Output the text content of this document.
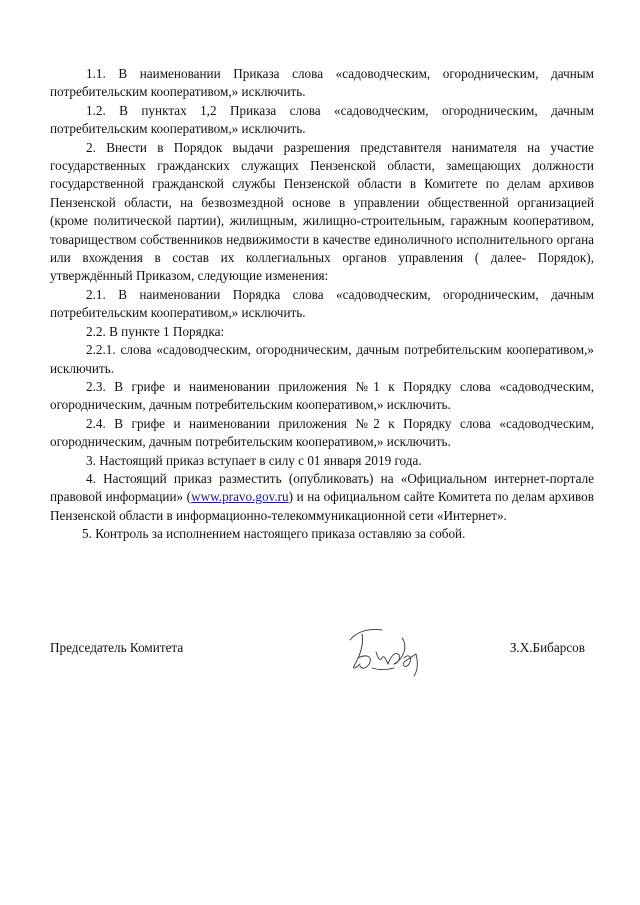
1.1. В наименовании Приказа слова «садоводческим, огородническим, дачным потребительским кооперативом,» исключить.

1.2. В пунктах 1,2 Приказа слова «садоводческим, огородническим, дачным потребительским кооперативом,» исключить.

2. Внести в Порядок выдачи разрешения представителя нанимателя на участие государственных гражданских служащих Пензенской области, замещающих должности государственной гражданской службы Пензенской области в Комитете по делам архивов Пензенской области, на безвозмездной основе в управлении общественной организацией (кроме политической партии), жилищным, жилищно-строительным, гаражным кооперативом, товариществом собственников недвижимости в качестве единоличного исполнительного органа или вхождения в состав их коллегиальных органов управления ( далее- Порядок), утверждённый Приказом, следующие изменения:

2.1. В наименовании Порядка слова «садоводческим, огородническим, дачным потребительским кооперативом,» исключить.

2.2. В пункте 1 Порядка:

2.2.1. слова «садоводческим, огородническим, дачным потребительским кооперативом,» исключить.

2.3. В грифе и наименовании приложения №1 к Порядку слова «садоводческим, огородническим, дачным потребительским кооперативом,» исключить.

2.4. В грифе и наименовании приложения №2 к Порядку слова «садоводческим, огородническим, дачным потребительским кооперативом,» исключить.

3. Настоящий приказ вступает в силу с 01 января 2019 года.

4. Настоящий приказ разместить (опубликовать) на «Официальном интернет-портале правовой информации» (www.pravo.gov.ru) и на официальном сайте Комитета по делам архивов Пензенской области в информационно-телекоммуникационной сети «Интернет».

5. Контроль за исполнением настоящего приказа оставляю за собой.

Председатель Комитета	З.Х.Бибарсов
